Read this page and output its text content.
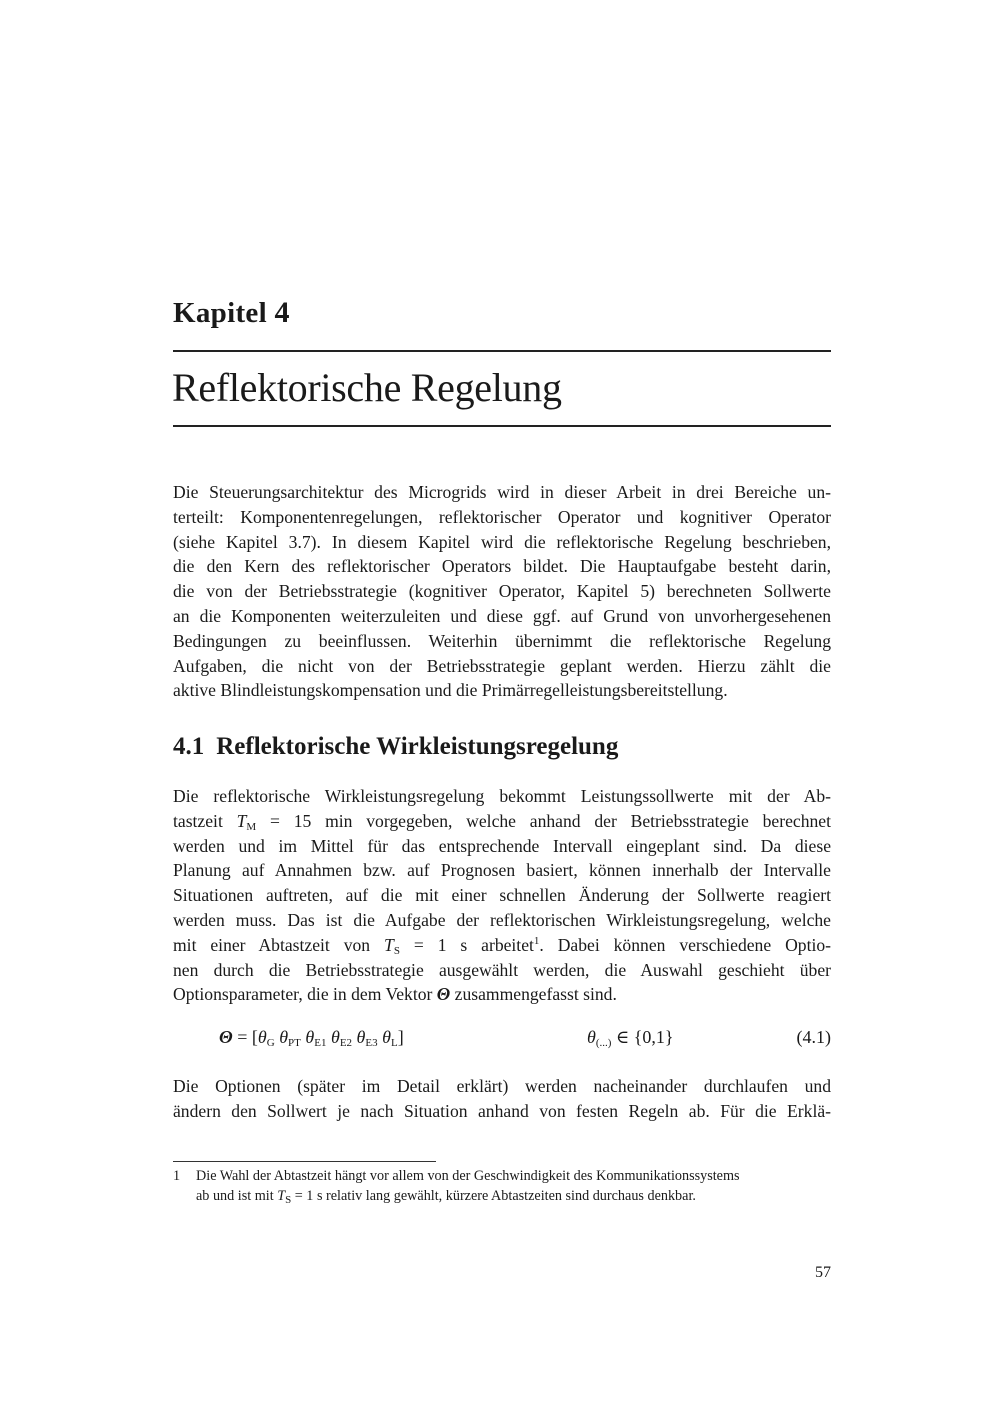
Kapitel 4
Reflektorische Regelung
Die Steuerungsarchitektur des Microgrids wird in dieser Arbeit in drei Bereiche un-
terteilt: Komponentenregelungen, reflektorischer Operator und kognitiver Operator
(siehe Kapitel 3.7). In diesem Kapitel wird die reflektorische Regelung beschrieben,
die den Kern des reflektorischer Operators bildet. Die Hauptaufgabe besteht darin,
die von der Betriebsstrategie (kognitiver Operator, Kapitel 5) berechneten Sollwerte
an die Komponenten weiterzuleiten und diese ggf. auf Grund von unvorhergesehenen
Bedingungen zu beeinflussen. Weiterhin übernimmt die reflektorische Regelung
Aufgaben, die nicht von der Betriebsstrategie geplant werden. Hierzu zählt die
aktive Blindleistungskompensation und die Primärregelleistungsbereitstellung.
4.1 Reflektorische Wirkleistungsregelung
Die reflektorische Wirkleistungsregelung bekommt Leistungssollwerte mit der Ab-
tastzeit $T_M = 15$ min vorgegeben, welche anhand der Betriebsstrategie berechnet
werden und im Mittel für das entsprechende Intervall eingeplant sind. Da diese
Planung auf Annahmen bzw. auf Prognosen basiert, können innerhalb der Intervalle
Situationen auftreten, auf die mit einer schnellen Änderung der Sollwerte reagiert
werden muss. Das ist die Aufgabe der reflektorischen Wirkleistungsregelung, welche
mit einer Abtastzeit von $T_S = 1$ s arbeitet$^1$. Dabei können verschiedene Optio-
nen durch die Betriebsstrategie ausgewählt werden, die Auswahl geschieht über
Optionsparameter, die in dem Vektor Θ zusammengefasst sind.
$\Theta = [\theta_G$ $\theta_{PT}$ $\theta_{E1}$ $\theta_{E2}$ $\theta_{E3}$ $\theta_L$]	$\theta_{(...)}$ ∈ {0,1}	(4.1)
Die Optionen (später im Detail erklärt) werden nacheinander durchlaufen und
ändern den Sollwert je nach Situation anhand von festen Regeln ab. Für die Erklä-
1 Die Wahl der Abtastzeit hängt vor allem von der Geschwindigkeit des Kommunikationssystems
ab und ist mit $T_S = 1$ s relativ lang gewählt, kürzere Abtastzeiten sind durchaus denkbar.
57
